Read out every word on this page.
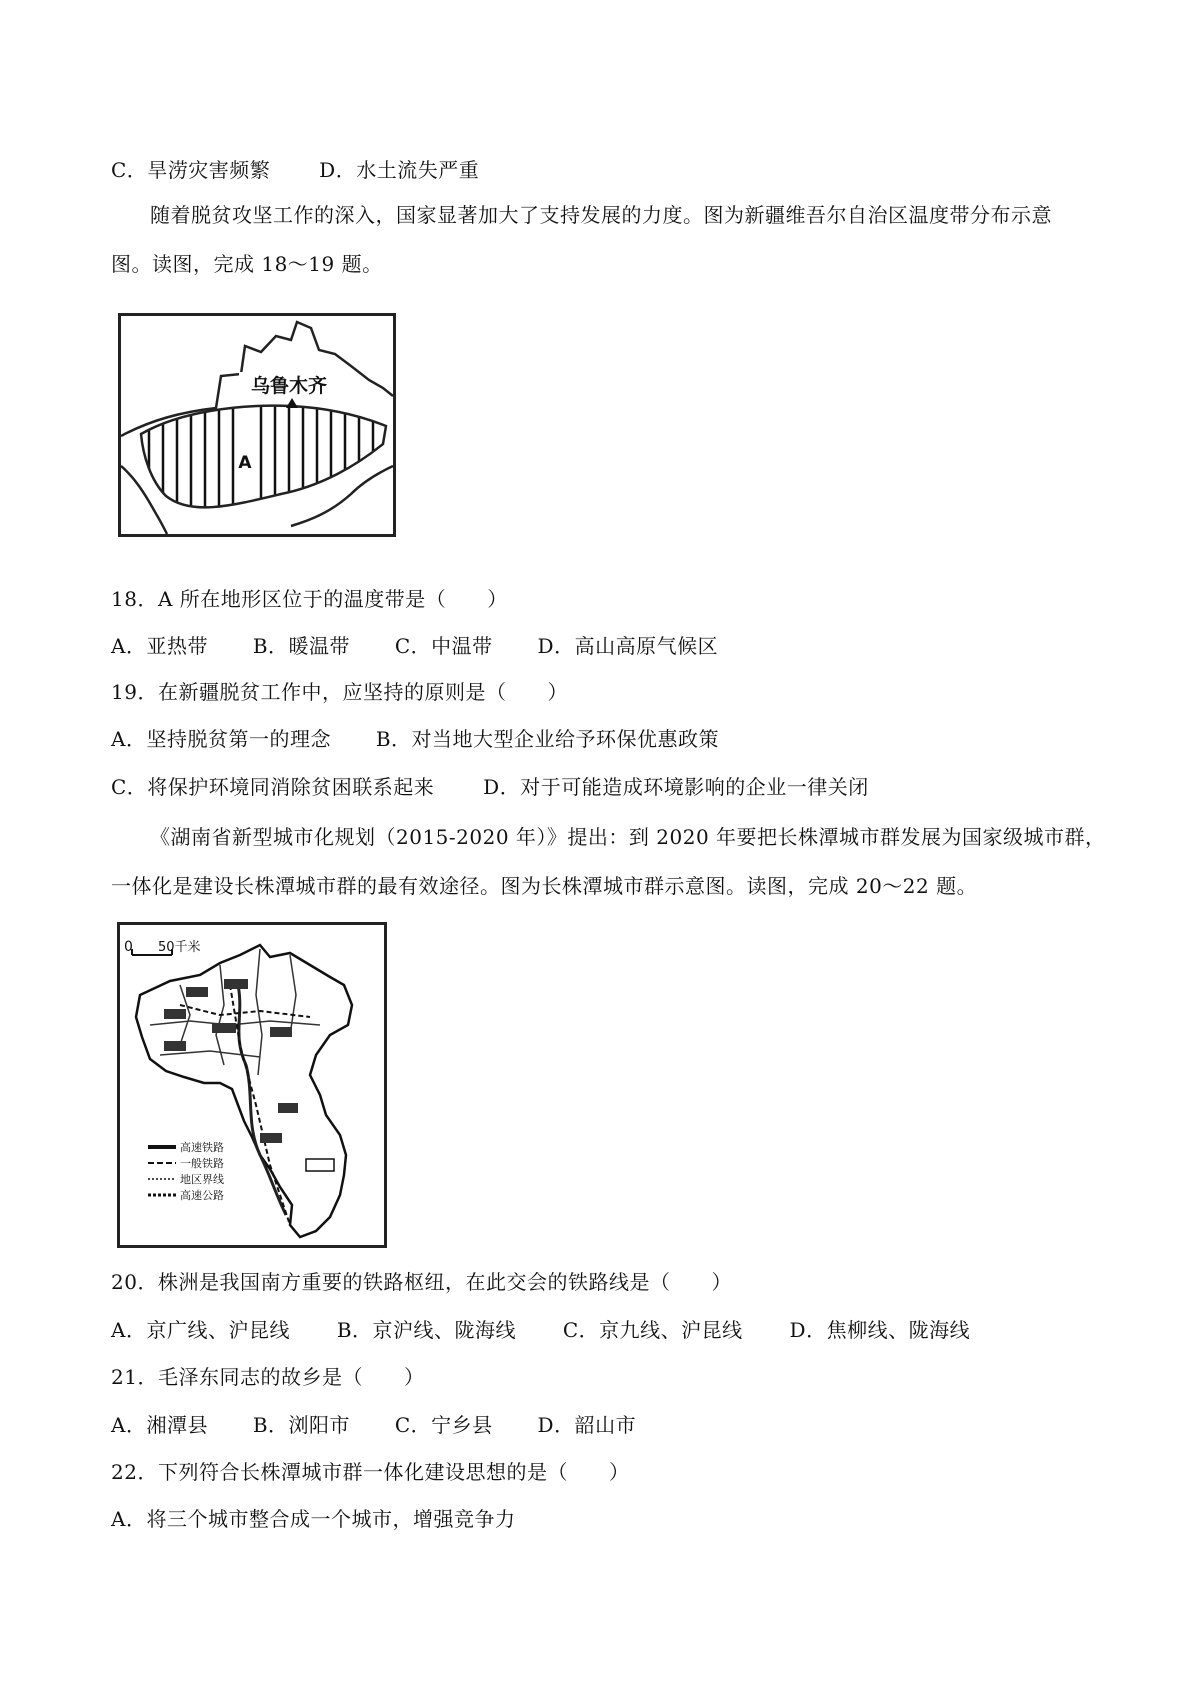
C．旱涝灾害频繁 D．水土流失严重
随着脱贫攻坚工作的深入，国家显著加大了支持发展的力度。图为新疆维吾尔自治区温度带分布示意
图。读图，完成 18～19 题。
乌鲁木齐
A
18．A 所在地形区位于的温度带是（　　）
A．亚热带 B．暖温带 C．中温带 D．高山高原气候区
19．在新疆脱贫工作中，应坚持的原则是（　　）
A．坚持脱贫第一的理念 B．对当地大型企业给予环保优惠政策
C．将保护环境同消除贫困联系起来 D．对于可能造成环境影响的企业一律关闭
《湖南省新型城市化规划（2015-2020 年）》提出：到 2020 年要把长株潭城市群发展为国家级城市群，
一体化是建设长株潭城市群的最有效途径。图为长株潭城市群示意图。读图，完成 20～22 题。
0 50千米
高速铁路
一般铁路
地区界线
高速公路
20．株洲是我国南方重要的铁路枢纽，在此交会的铁路线是（　　）
A．京广线、沪昆线 B．京沪线、陇海线 C．京九线、沪昆线 D．焦柳线、陇海线
21．毛泽东同志的故乡是（　　）
A．湘潭县 B．浏阳市 C．宁乡县 D．韶山市
22．下列符合长株潭城市群一体化建设思想的是（　　）
A．将三个城市整合成一个城市，增强竞争力
